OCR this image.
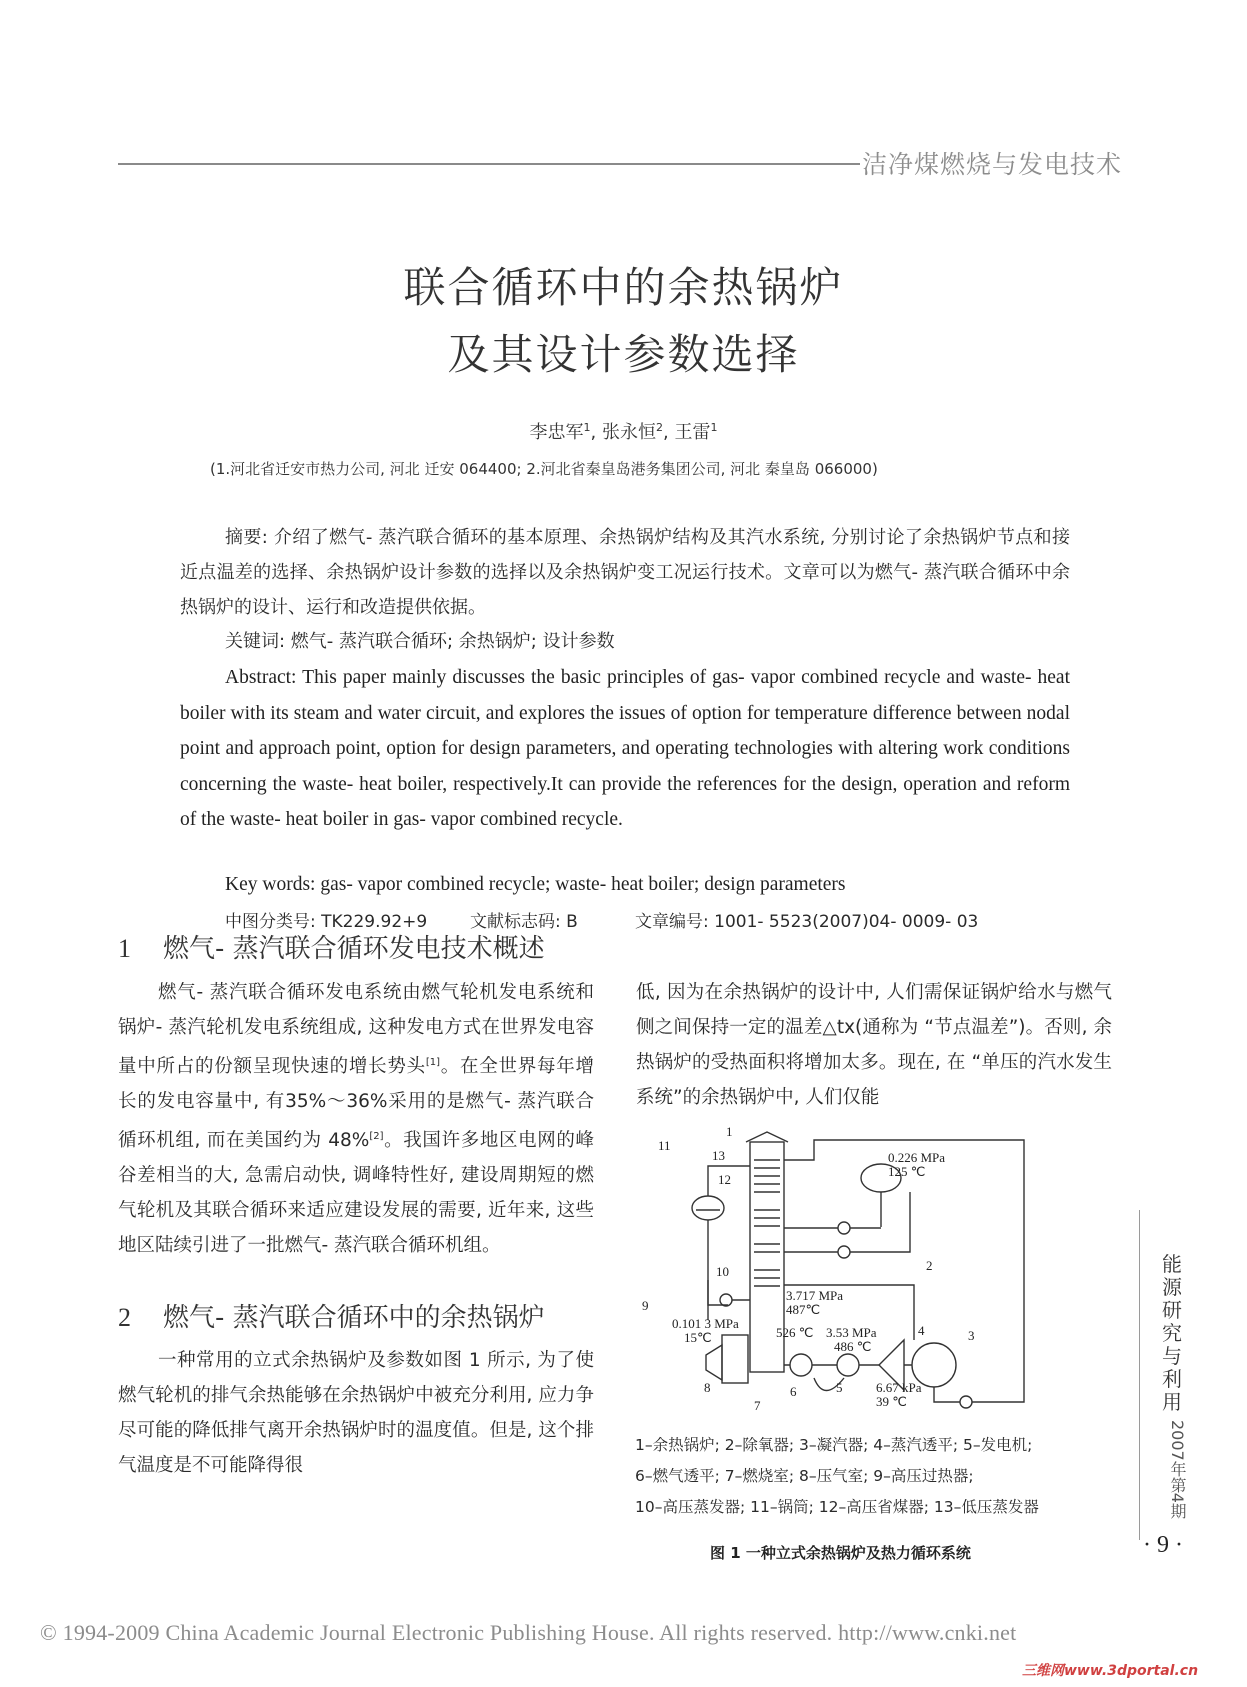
洁净煤燃烧与发电技术
联合循环中的余热锅炉
及其设计参数选择
李忠军$^1$, 张永恒$^2$, 王雷$^1$
(1.河北省迁安市热力公司, 河北 迁安 064400; 2.河北省秦皇岛港务集团公司, 河北 秦皇岛 066000)
摘要: 介绍了燃气- 蒸汽联合循环的基本原理、余热锅炉结构及其汽水系统, 分别讨论了余热锅炉节点和接近点温差的选择、余热锅炉设计参数的选择以及余热锅炉变工况运行技术。文章可以为燃气- 蒸汽联合循环中余热锅炉的设计、运行和改造提供依据。
关键词: 燃气- 蒸汽联合循环; 余热锅炉; 设计参数
Abstract: This paper mainly discusses the basic principles of gas- vapor combined recycle and waste- heat boiler with its steam and water circuit, and explores the issues of option for temperature difference between nodal point and approach point, option for design parameters, and operating technologies with altering work conditions concerning the waste- heat boiler, respectively.It can provide the references for the design, operation and reform of the waste- heat boiler in gas- vapor combined recycle.
Key words: gas- vapor combined recycle; waste- heat boiler; design parameters
中图分类号: TK229.92+9	文献标志码: B	文章编号: 1001- 5523(2007)04- 0009- 03
1 燃气- 蒸汽联合循环发电技术概述
燃气- 蒸汽联合循环发电系统由燃气轮机发电系统和锅炉- 蒸汽轮机发电系统组成, 这种发电方式在世界发电容量中所占的份额呈现快速的增长势头[1]。在全世界每年增长的发电容量中, 有35%～36%采用的是燃气- 蒸汽联合循环机组, 而在美国约为 48%[2]。我国许多地区电网的峰谷差相当的大, 急需启动快, 调峰特性好, 建设周期短的燃气轮机及其联合循环来适应建设发展的需要, 近年来, 这些地区陆续引进了一批燃气- 蒸汽联合循环机组。
2 燃气- 蒸汽联合循环中的余热锅炉
一种常用的立式余热锅炉及参数如图 1 所示, 为了使燃气轮机的排气余热能够在余热锅炉中被充分利用, 应力争尽可能的降低排气离开余热锅炉时的温度值。但是, 这个排气温度是不可能降得很
低, 因为在余热锅炉的设计中, 人们需保证锅炉给水与燃气侧之间保持一定的温差△tx(通称为 “节点温差”)。否则, 余热锅炉的受热面积将增加太多。现在, 在 “单压的汽水发生系统”的余热锅炉中, 人们仅能
0.226 MPa
125 ℃
3.717 MPa
487℃
0.101 3 MPa
15℃	526 ℃ 3.53 MPa
486 ℃
6.67 kPa
39 ℃
1
2
3
4
5
6
7
8
9
10
11
12
13
1–余热锅炉; 2–除氧器; 3–凝汽器; 4–蒸汽透平; 5–发电机;
6–燃气透平; 7–燃烧室; 8–压气室; 9–高压过热器;
10–高压蒸发器; 11–锅筒; 12–高压省煤器; 13–低压蒸发器
图 1 一种立式余热锅炉及热力循环系统
能源研究与利用
2007年第4期
· 9 ·
© 1994-2009 China Academic Journal Electronic Publishing House. All rights reserved. http://www.cnki.net
三维网www.3dportal.cn
